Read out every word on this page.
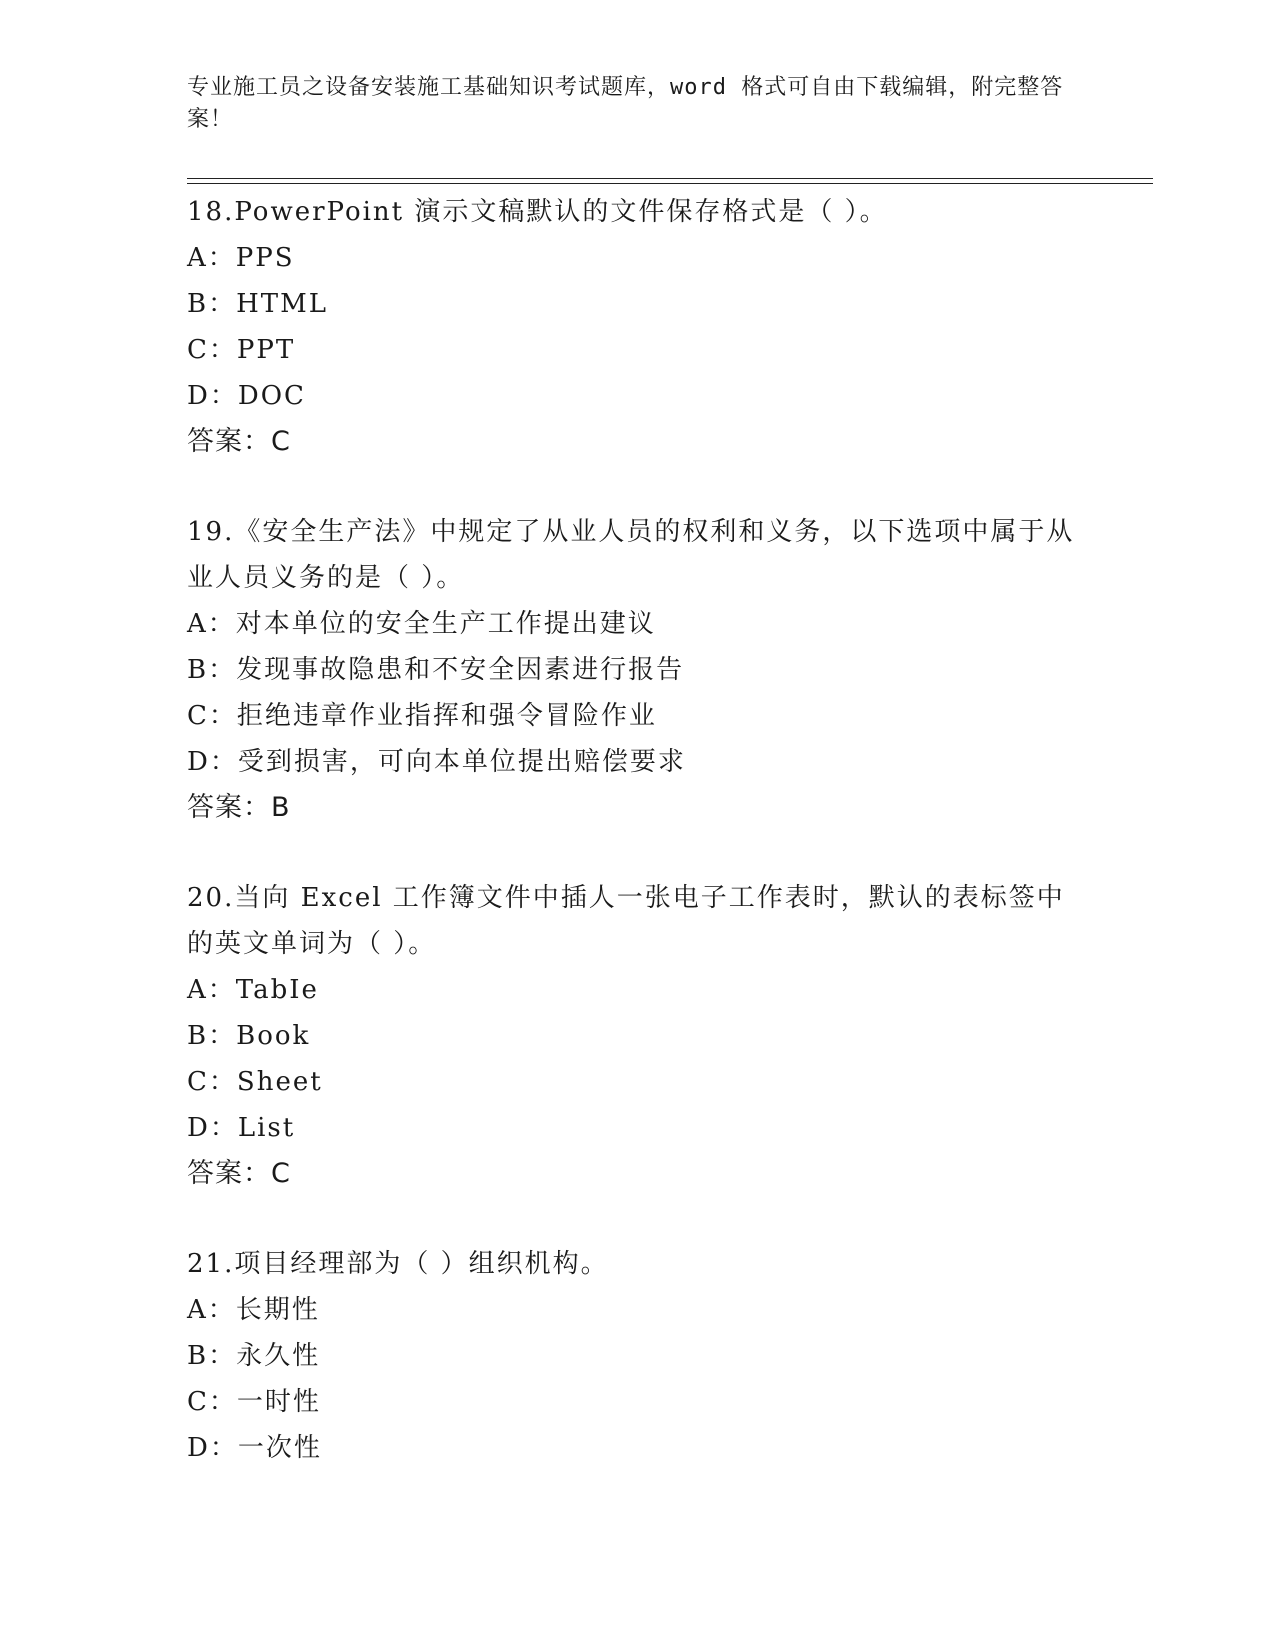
专业施工员之设备安装施工基础知识考试题库，word 格式可自由下载编辑，附完整答案！
18.PowerPoint 演示文稿默认的文件保存格式是（ ）。
A：PPS
B：HTML
C：PPT
D：DOC
答案：C
19.《安全生产法》中规定了从业人员的权利和义务，以下选项中属于从业人员义务的是（ ）。
A：对本单位的安全生产工作提出建议
B：发现事故隐患和不安全因素进行报告
C：拒绝违章作业指挥和强令冒险作业
D：受到损害，可向本单位提出赔偿要求
答案：B
20.当向 Excel 工作簿文件中插人一张电子工作表时，默认的表标签中的英文单词为（ ）。
A：TabIe
B：Book
C：Sheet
D：List
答案：C
21.项目经理部为（ ）组织机构。
A：长期性
B：永久性
C：一时性
D：一次性
